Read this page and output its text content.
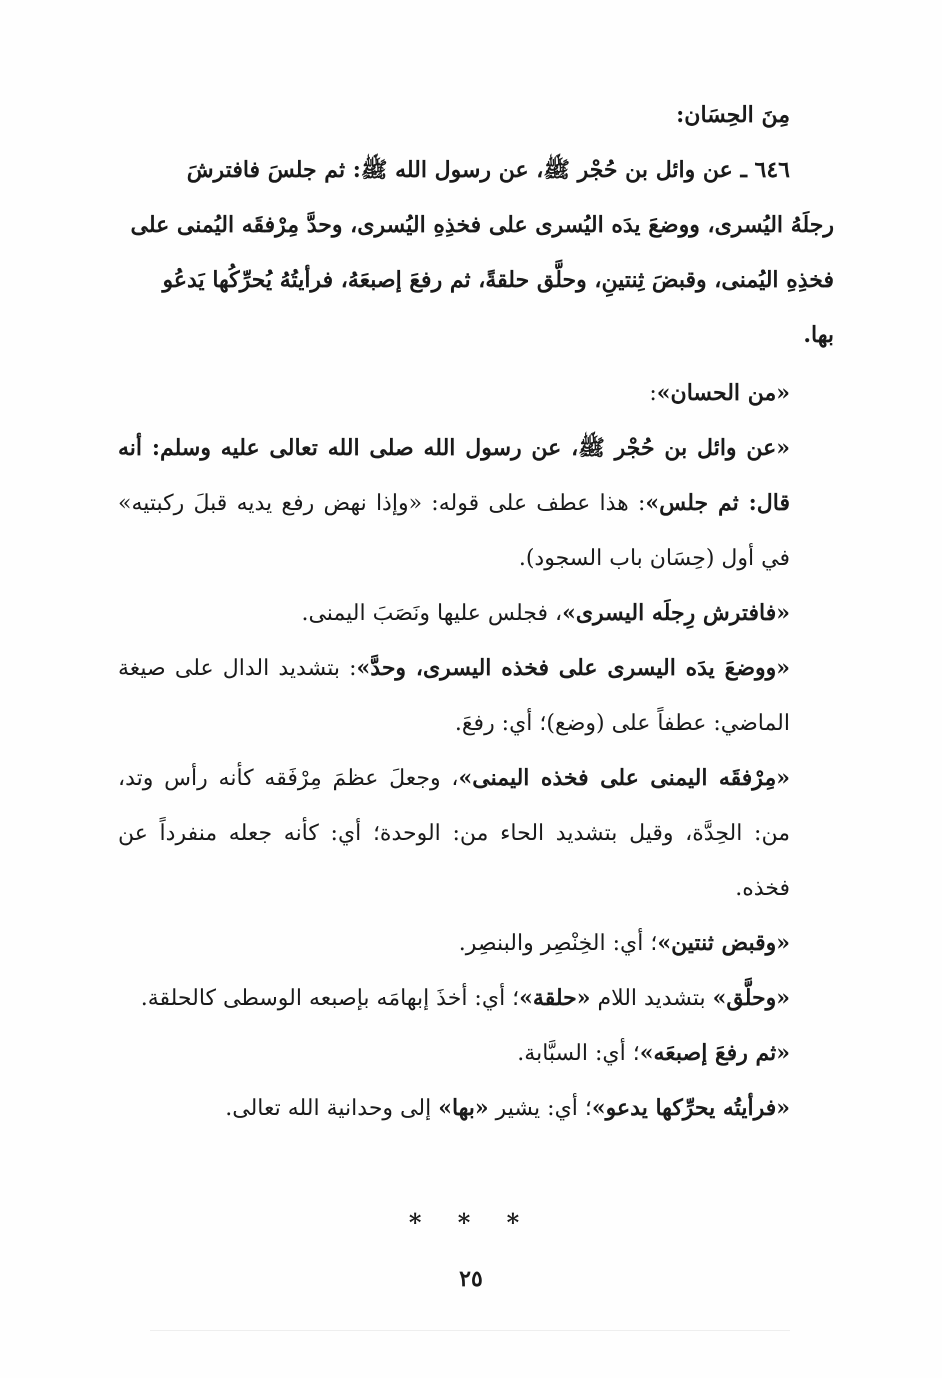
مِنَ الحِسَان:

٦٤٦ ـ عن وائل بن حُجْر ﷺ، عن رسول الله ﷺ: ثم جلسَ فافترشَ

رجلَهُ اليُسرى، ووضعَ يدَه اليُسرى على فخذِهِ اليُسرى، وحدَّ مِرْفقَه اليُمنى على

فخذِهِ اليُمنى، وقبضَ ثِنتينِ، وحلَّق حلقةً، ثم رفعَ إصبعَهُ، فرأيتُهُ يُحرِّكُها يَدعُو

بها.

«من الحسان»:

«عن وائل بن حُجْر ﷺ، عن رسول الله صلى الله تعالى عليه وسلم: أنه قال: ثم جلس»: هذا عطف على قوله: «وإذا نهض رفع يديه قبلَ ركبتيه» في أول (حِسَان باب السجود).

«فافترش رِجلَه اليسرى»، فجلس عليها ونَصَبَ اليمنى.

«ووضعَ يدَه اليسرى على فخذه اليسرى، وحدَّ»: بتشديد الدال على صيغة الماضي: عطفاً على (وضع)؛ أي: رفعَ.

«مِرْفقَه اليمنى على فخذه اليمنى»، وجعلَ عظمَ مِرْفَقه كأنه رأس وتد، من: الحِدَّة، وقيل بتشديد الحاء من: الوحدة؛ أي: كأنه جعله منفرداً عن فخذه.

«وقبض ثنتين»؛ أي: الخِنْصِر والبنصِر.

«وحلَّق» بتشديد اللام «حلقة»؛ أي: أخذَ إبهامَه بإصبعه الوسطى كالحلقة.

«ثم رفعَ إصبعَه»؛ أي: السبَّابة.

«فرأيتُه يحرِّكها يدعو»؛ أي: يشير «بها» إلى وحدانية الله تعالى.

* * *
٢٥
